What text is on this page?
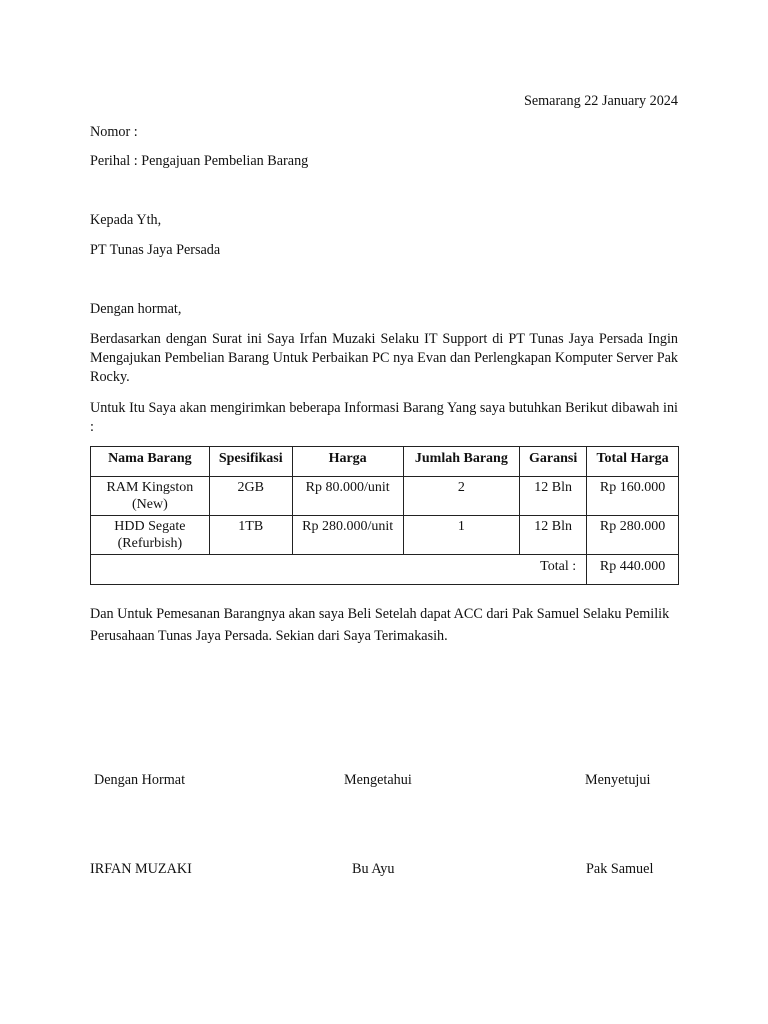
Semarang 22 January 2024
Nomor :
Perihal : Pengajuan Pembelian Barang
Kepada Yth,
PT Tunas Jaya Persada
Dengan hormat,
Berdasarkan dengan Surat ini Saya Irfan Muzaki Selaku IT Support di PT Tunas Jaya Persada Ingin Mengajukan Pembelian Barang Untuk Perbaikan PC nya Evan dan Perlengkapan Komputer Server Pak Rocky.
Untuk Itu Saya akan mengirimkan beberapa Informasi Barang Yang saya butuhkan Berikut dibawah ini :
Nama Barang	Spesifikasi	Harga	Jumlah Barang	Garansi	Total Harga
RAM Kingston (New)	2GB	Rp 80.000/unit	2	12 Bln	Rp 160.000
HDD Segate (Refurbish)	1TB	Rp 280.000/unit	1	12 Bln	Rp 280.000
Total :					Rp 440.000
Dan Untuk Pemesanan Barangnya akan saya Beli Setelah dapat ACC dari Pak Samuel Selaku Pemilik Perusahaan Tunas Jaya Persada. Sekian dari Saya Terimakasih.
Dengan Hormat	Mengetahui	Menyetujui
IRFAN MUZAKI	Bu Ayu	Pak Samuel
